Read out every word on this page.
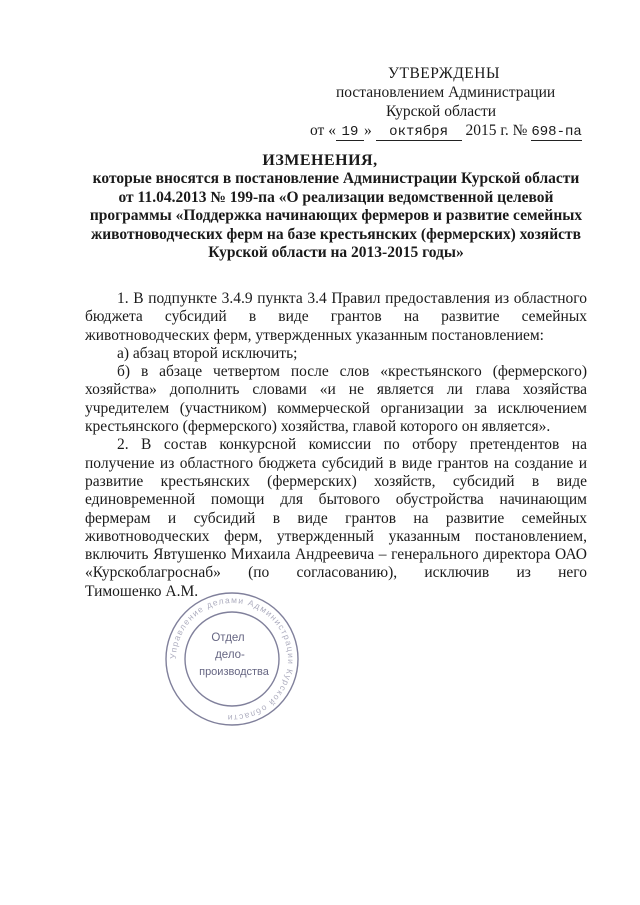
УТВЕРЖДЕНЫ
постановлением Администрации
Курской области
от « 19 » октября 2015 г. № 698-па
ИЗМЕНЕНИЯ,
которые вносятся в постановление Администрации Курской области от 11.04.2013 № 199-па «О реализации ведомственной целевой программы «Поддержка начинающих фермеров и развитие семейных животноводческих ферм на базе крестьянских (фермерских) хозяйств Курской области на 2013-2015 годы»

1. В подпункте 3.4.9 пункта 3.4 Правил предоставления из областного бюджета субсидий в виде грантов на развитие семейных животноводческих ферм, утвержденных указанным постановлением:

а) абзац второй исключить;

б) в абзаце четвертом после слов «крестьянского (фермерского) хозяйства» дополнить словами «и не является ли глава хозяйства учредителем (участником) коммерческой организации за исключением крестьянского (фермерского) хозяйства, главой которого он является».

2. В состав конкурсной комиссии по отбору претендентов на получение из областного бюджета субсидий в виде грантов на создание и развитие крестьянских (фермерских) хозяйств, субсидий в виде единовременной помощи для бытового обустройства начинающим фермерам и субсидий в виде грантов на развитие семейных животноводческих ферм, утвержденный указанным постановлением, включить Явтушенко Михаила Андреевича – генерального директора ОАО «Курскоблагроснаб» (по согласованию), исключив из него

Тимошенко А.М.

Управление делами Администрации Курской области
Отдел
дело-
производства
